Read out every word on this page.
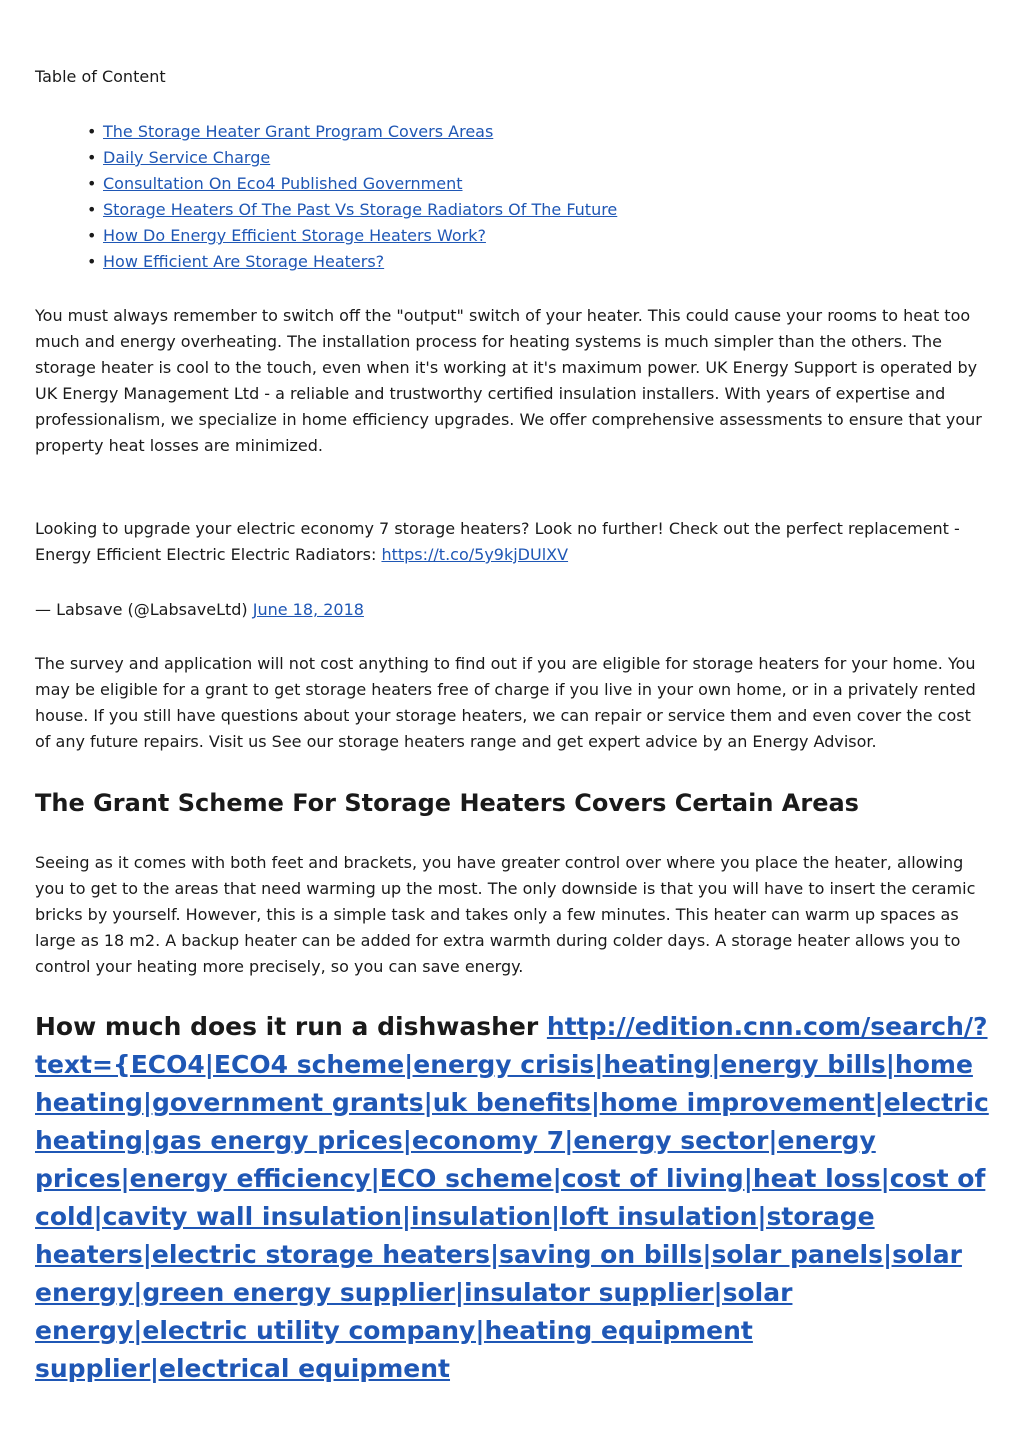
Table of Content
• The Storage Heater Grant Program Covers Areas
• Daily Service Charge
• Consultation On Eco4 Published Government
• Storage Heaters Of The Past Vs Storage Radiators Of The Future
• How Do Energy Efficient Storage Heaters Work?
• How Efficient Are Storage Heaters?

You must always remember to switch off the "output" switch of your heater. This could cause your rooms to heat too much and energy overheating. The installation process for heating systems is much simpler than the others. The storage heater is cool to the touch, even when it's working at it's maximum power. UK Energy Support is operated by UK Energy Management Ltd - a reliable and trustworthy certified insulation installers. With years of expertise and professionalism, we specialize in home efficiency upgrades. We offer comprehensive assessments to ensure that your property heat losses are minimized.

Looking to upgrade your electric economy 7 storage heaters? Look no further! Check out the perfect replacement - Energy Efficient Electric Electric Radiators: https://t.co/5y9kjDUlXV

— Labsave (@LabsaveLtd) June 18, 2018

The survey and application will not cost anything to find out if you are eligible for storage heaters for your home. You may be eligible for a grant to get storage heaters free of charge if you live in your own home, or in a privately rented house. If you still have questions about your storage heaters, we can repair or service them and even cover the cost of any future repairs. Visit us See our storage heaters range and get expert advice by an Energy Advisor.

The Grant Scheme For Storage Heaters Covers Certain Areas

Seeing as it comes with both feet and brackets, you have greater control over where you place the heater, allowing you to get to the areas that need warming up the most. The only downside is that you will have to insert the ceramic bricks by yourself. However, this is a simple task and takes only a few minutes. This heater can warm up spaces as large as 18 m2. A backup heater can be added for extra warmth during colder days. A storage heater allows you to control your heating more precisely, so you can save energy.

How much does it run a dishwasher http://edition.cnn.com/search/?text={ECO4|ECO4 scheme|energy crisis|heating|energy bills|home heating|government grants|uk benefits|home improvement|electric heating|gas energy prices|economy 7|energy sector|energy prices|energy efficiency|ECO scheme|cost of living|heat loss|cost of cold|cavity wall insulation|insulation|loft insulation|storage heaters|electric storage heaters|saving on bills|solar panels|solar energy|green energy supplier|insulator supplier|solar energy|electric utility company|heating equipment supplier|electrical equipment
